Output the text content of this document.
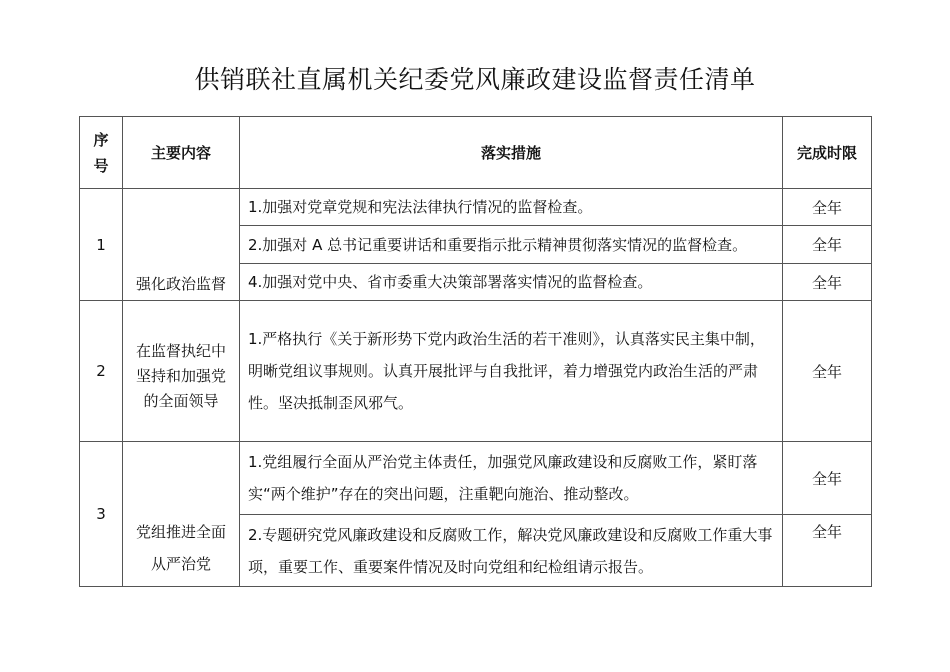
供销联社直属机关纪委党风廉政建设监督责任清单
序号	主要内容	落实措施	完成时限
1	强化政治监督	1.加强对党章党规和宪法法律执行情况的监督检查。	全年
		2.加强对 A 总书记重要讲话和重要指示批示精神贯彻落实情况的监督检查。	全年
		4.加强对党中央、省市委重大决策部署落实情况的监督检查。	全年
2	在监督执纪中坚持和加强党的全面领导	1.严格执行《关于新形势下党内政治生活的若干准则》，认真落实民主集中制，明晰党组议事规则。认真开展批评与自我批评，着力增强党内政治生活的严肃性。坚决抵制歪风邪气。	全年
3	党组推进全面从严治党	1.党组履行全面从严治党主体责任，加强党风廉政建设和反腐败工作，紧盯落实“两个维护”存在的突出问题，注重靶向施治、推动整改。	全年
		2.专题研究党风廉政建设和反腐败工作，解决党风廉政建设和反腐败工作重大事项，重要工作、重要案件情况及时向党组和纪检组请示报告。	全年
